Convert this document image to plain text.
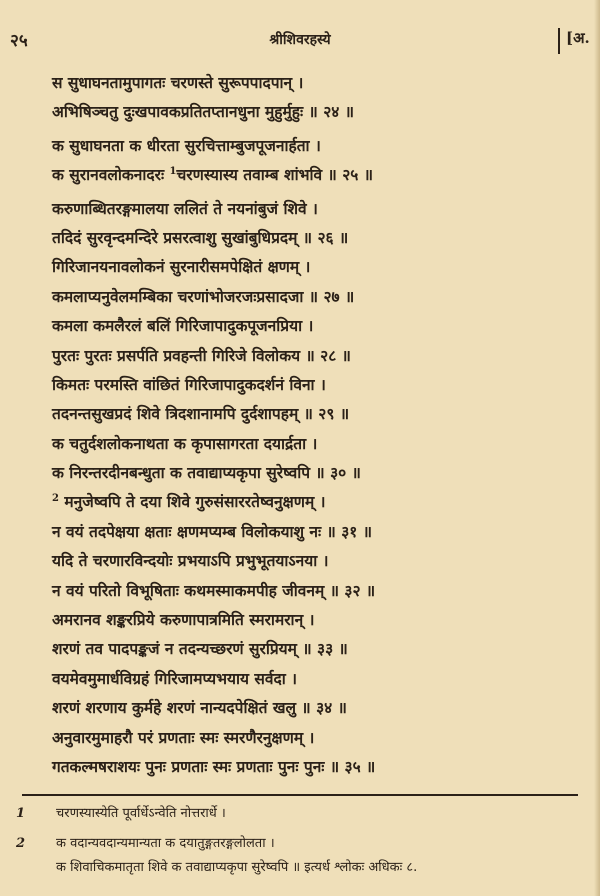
२५	श्रीशिवरहस्ये	[अ.
स सुधाघनतामुपागतः चरणस्ते सुरूपपादपान् ।
अभिषिञ्चतु दुःखपावकप्रतितप्तानधुना मुहुर्मुहुः ॥ २४ ॥
क सुधाघनता क धीरता सुरचित्ताम्बुजपूजनार्हता ।
क सुरानवलोकनादरः $^1$चरणस्यास्य तवाम्ब शांभवि ॥ २५ ॥
करुणाब्धितरङ्गमालया ललितं ते नयनांबुजं शिवे ।
तदिदं सुरवृन्दमन्दिरे प्रसरत्वाशु सुखांबुधिप्रदम् ॥ २६ ॥
गिरिजानयनावलोकनं सुरनारीसमपेक्षितं क्षणम् ।
कमलाप्यनुवेलमम्बिका चरणांभोजरजःप्रसादजा ॥ २७ ॥
कमला कमलैरलं बलिं गिरिजापादुकपूजनप्रिया ।
पुरतः पुरतः प्रसर्पति प्रवहन्ती गिरिजे विलोकय ॥ २८ ॥
किमतः परमस्ति वांछितं गिरिजापादुकदर्शनं विना ।
तदनन्तसुखप्रदं शिवे त्रिदशानामपि दुर्दशापहम् ॥ २९ ॥
क चतुर्दशलोकनाथता क कृपासागरता दयार्द्रता ।
क निरन्तरदीनबन्धुता क तवाद्याप्यकृपा सुरेष्वपि ॥ ३० ॥
$^2$ मनुजेष्वपि ते दया शिवे गुरुसंसाररतेष्वनुक्षणम् ।
न वयं तदपेक्षया क्षताः क्षणमप्यम्ब विलोकयाशु नः ॥ ३१ ॥
यदि ते चरणारविन्दयोः प्रभयाऽपि प्रभुभूतयाऽनया ।
न वयं परितो विभूषिताः कथमस्माकमपीह जीवनम् ॥ ३२ ॥
अमरानव शङ्करप्रिये करुणापात्रमिति स्मरामरान् ।
शरणं तव पादपङ्कजं न तदन्यच्छरणं सुरप्रियम् ॥ ३३ ॥
वयमेवमुमार्धविग्रहं गिरिजामप्यभयाय सर्वदा ।
शरणं शरणाय कुर्महे शरणं नान्यदपेक्षितं खलु ॥ ३४ ॥
अनुवारमुमाहरौ परं प्रणताः स्मः स्मरणैरनुक्षणम् ।
गतकल्मषराशयः पुनः प्रणताः स्मः प्रणताः पुनः पुनः ॥ ३५ ॥
1	चरणस्यास्येति पूर्वार्धेऽन्वेति नोत्तरार्धे ।
2	क वदान्यवदान्यमान्यता क दयातुङ्गतरङ्गलोलता ।
क शिवाचिकमातृता शिवे क तवाद्याप्यकृपा सुरेष्वपि ॥ इत्यर्ध श्लोकः अधिकः ८.
